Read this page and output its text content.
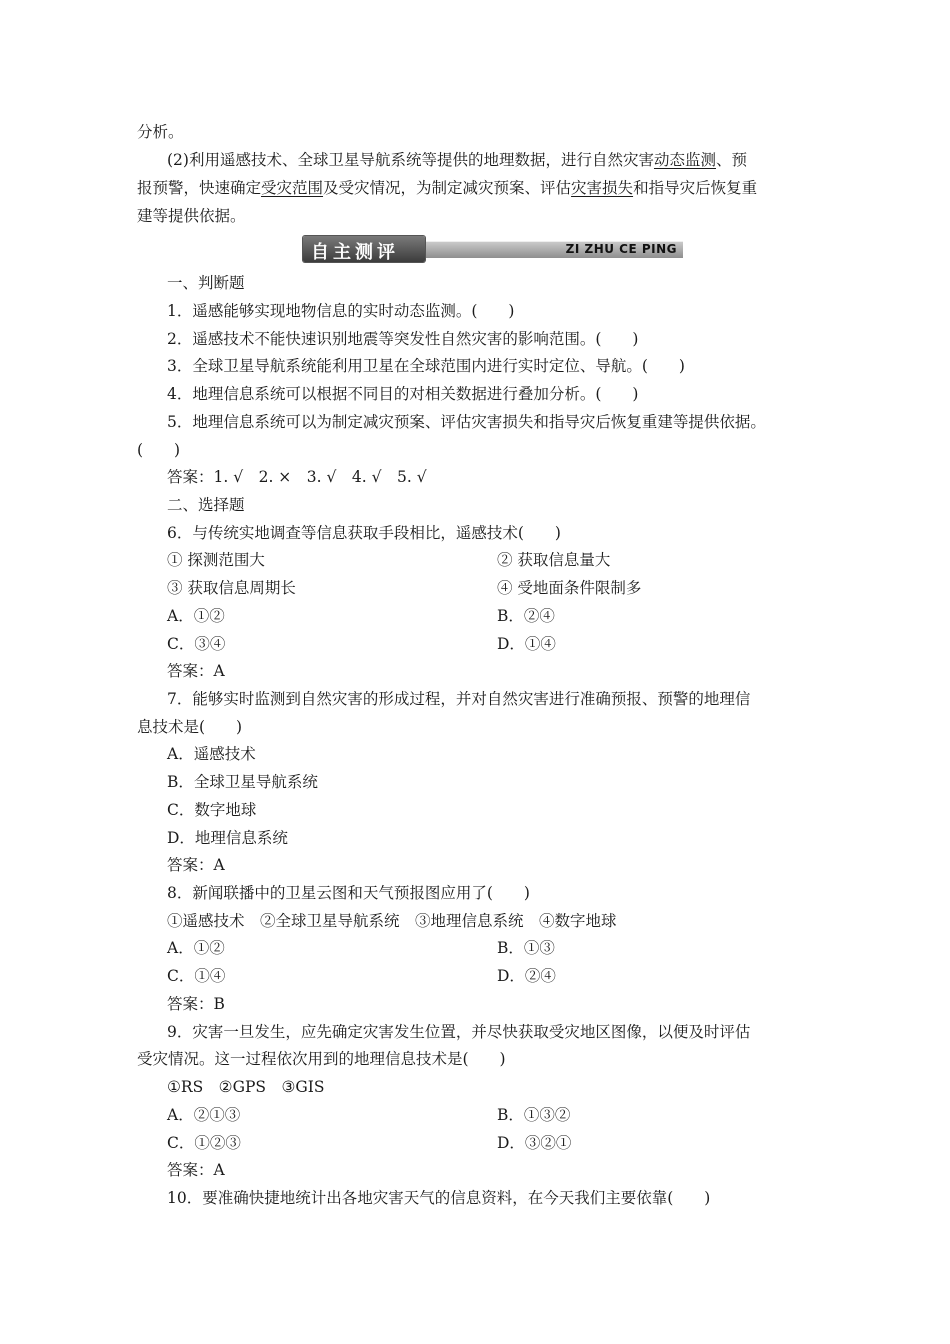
分析。
(2)利用遥感技术、全球卫星导航系统等提供的地理数据，进行自然灾害动态监测、预
报预警，快速确定受灾范围及受灾情况，为制定减灾预案、评估灾害损失和指导灾后恢复重
建等提供依据。
自主测评	ZI ZHU CE PING
一、判断题
1．遥感能够实现地物信息的实时动态监测。(　　)
2．遥感技术不能快速识别地震等突发性自然灾害的影响范围。(　　)
3．全球卫星导航系统能利用卫星在全球范围内进行实时定位、导航。(　　)
4．地理信息系统可以根据不同目的对相关数据进行叠加分析。(　　)
5．地理信息系统可以为制定减灾预案、评估灾害损失和指导灾后恢复重建等提供依据。
(　　)
答案：1. √　2. ×　3. √　4. √　5. √
二、选择题
6．与传统实地调查等信息获取手段相比，遥感技术(　　)
① 探测范围大	② 获取信息量大
③ 获取信息周期长	④ 受地面条件限制多
A．①②	B．②④
C．③④	D．①④
答案：A
7．能够实时监测到自然灾害的形成过程，并对自然灾害进行准确预报、预警的地理信
息技术是(　　)
A．遥感技术
B．全球卫星导航系统
C．数字地球
D．地理信息系统
答案：A
8．新闻联播中的卫星云图和天气预报图应用了(　　)
①遥感技术　②全球卫星导航系统　③地理信息系统　④数字地球
A．①②	B．①③
C．①④	D．②④
答案：B
9．灾害一旦发生，应先确定灾害发生位置，并尽快获取受灾地区图像，以便及时评估
受灾情况。这一过程依次用到的地理信息技术是(　　)
①RS　②GPS　③GIS
A．②①③	B．①③②
C．①②③	D．③②①
答案：A
10．要准确快捷地统计出各地灾害天气的信息资料，在今天我们主要依靠(　　)
